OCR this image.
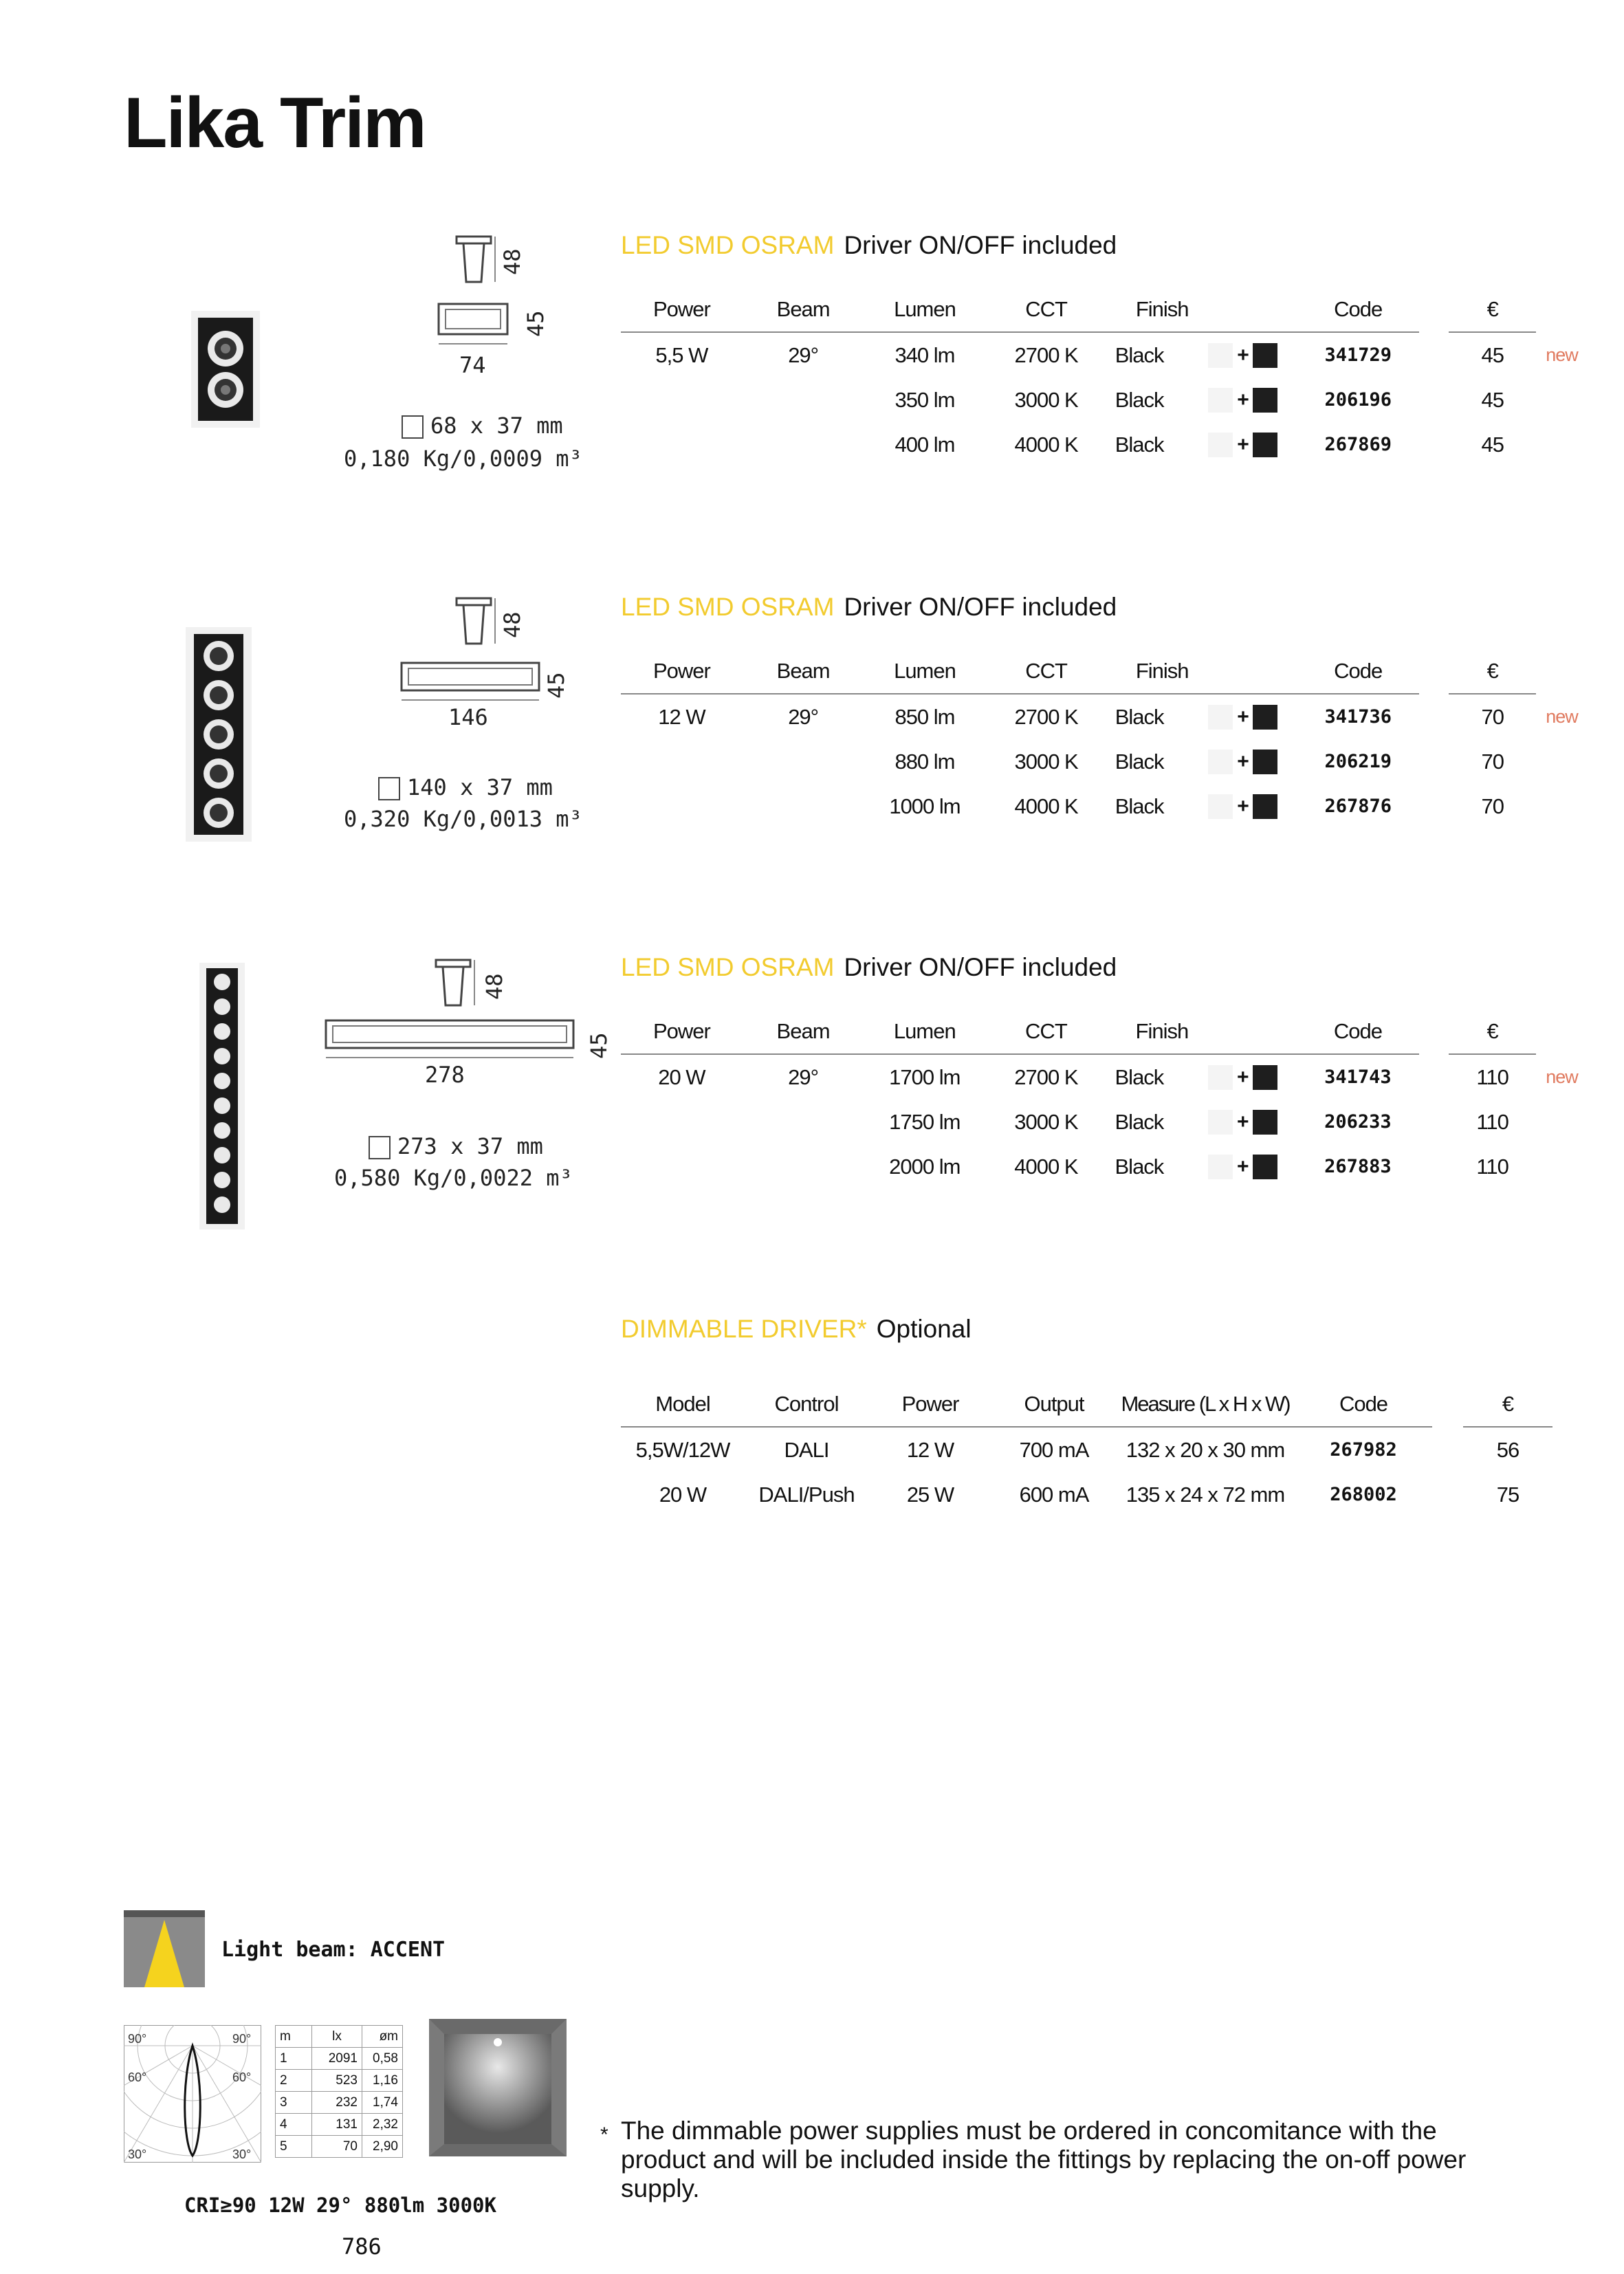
Lika Trim
48
45
74
68 x 37 mm
0,180 Kg/0,0009 m³
LED SMD OSRAM Driver ON/OFF included
Power	Beam	Lumen	CCT	Finish		Code		€	
5,5 W	29°	340 lm	2700 K	Black	+	341729		45	new
		350 lm	3000 K	Black	+	206196		45	
		400 lm	4000 K	Black	+	267869		45	
48
45
146
140 x 37 mm
0,320 Kg/0,0013 m³
LED SMD OSRAM Driver ON/OFF included
Power	Beam	Lumen	CCT	Finish		Code		€	
12 W	29°	850 lm	2700 K	Black	+	341736		70	new
		880 lm	3000 K	Black	+	206219		70	
		1000 lm	4000 K	Black	+	267876		70	
48
45
278
273 x 37 mm
0,580 Kg/0,0022 m³
LED SMD OSRAM Driver ON/OFF included
Power	Beam	Lumen	CCT	Finish		Code		€	
20 W	29°	1700 lm	2700 K	Black	+	341743		110	new
		1750 lm	3000 K	Black	+	206233		110	
		2000 lm	4000 K	Black	+	267883		110	
DIMMABLE DRIVER* Optional
Model	Control	Power	Output	Measure (L x H x W)	Code		€
5,5W/12W	DALI	12 W	700 mA	132 x 20 x 30 mm	267982		56
20 W	DALI/Push	25 W	600 mA	135 x 24 x 72 mm	268002		75
Light beam: ACCENT
90°	90°
60°	60°
30°	30°
m	lx	øm
1	2091	0,58
2	523	1,16
3	232	1,74
4	131	2,32
5	70	2,90
CRI≥90 12W 29° 880lm 3000K
786
* The dimmable power supplies must be ordered in concomitance with the product and will be included inside the fittings by replacing the on-off power supply.
